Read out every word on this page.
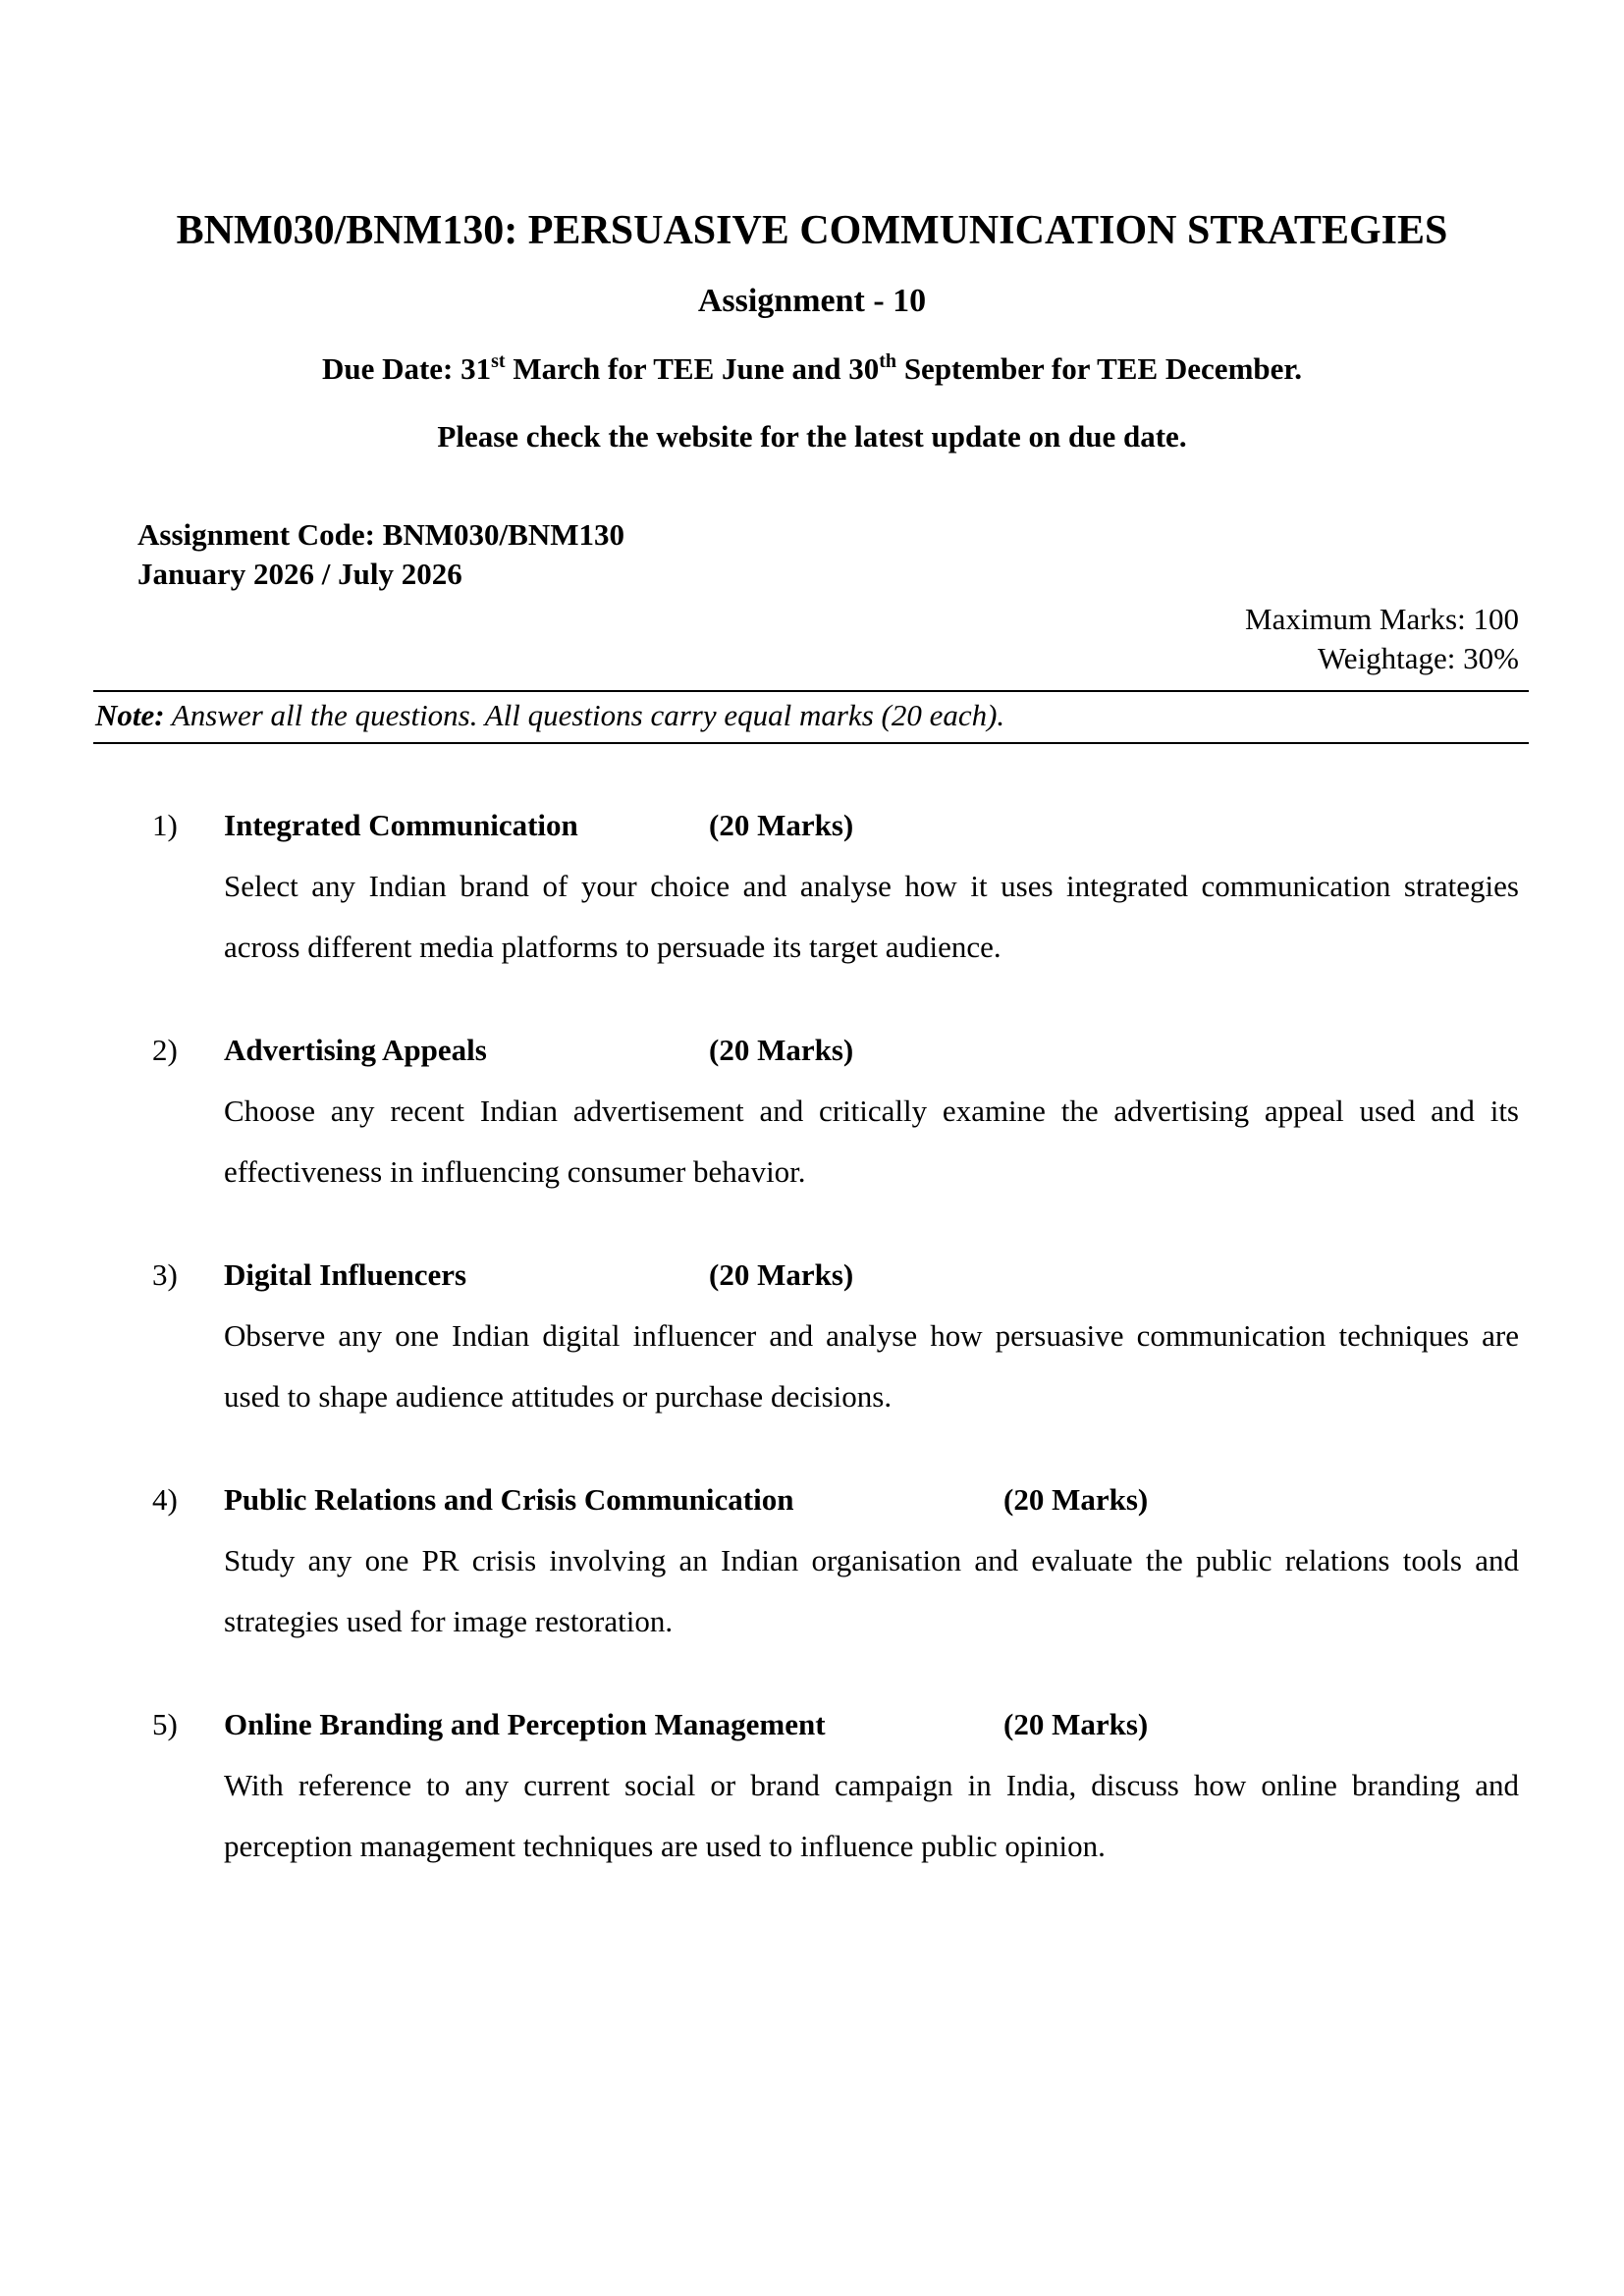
BNM030/BNM130: PERSUASIVE COMMUNICATION STRATEGIES
Assignment - 10
Due Date: 31st March for TEE June and 30th September for TEE December.
Please check the website for the latest update on due date.
Assignment Code: BNM030/BNM130
January 2026 / July 2026
Maximum Marks: 100
Weightage: 30%
Note: Answer all the questions. All questions carry equal marks (20 each).
1) Integrated Communication	(20 Marks)
Select any Indian brand of your choice and analyse how it uses integrated communication strategies across different media platforms to persuade its target audience.
2) Advertising Appeals	(20 Marks)
Choose any recent Indian advertisement and critically examine the advertising appeal used and its effectiveness in influencing consumer behavior.
3) Digital Influencers	(20 Marks)
Observe any one Indian digital influencer and analyse how persuasive communication techniques are used to shape audience attitudes or purchase decisions.
4) Public Relations and Crisis Communication	(20 Marks)
Study any one PR crisis involving an Indian organisation and evaluate the public relations tools and strategies used for image restoration.
5) Online Branding and Perception Management	(20 Marks)
With reference to any current social or brand campaign in India, discuss how online branding and perception management techniques are used to influence public opinion.
